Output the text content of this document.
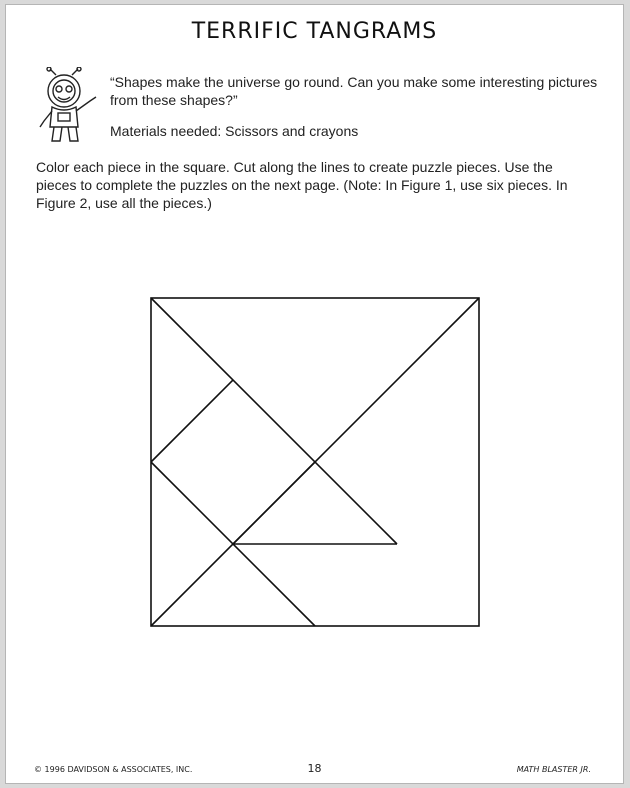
TERRIFIC TANGRAMS
“Shapes make the universe go round. Can you make some interesting pictures from these shapes?”
Materials needed: Scissors and crayons
Color each piece in the square. Cut along the lines to create puzzle pieces. Use the pieces to complete the puzzles on the next page. (Note: In Figure 1, use six pieces. In Figure 2, use all the pieces.)
© 1996 DAVIDSON & ASSOCIATES, INC.	18	MATH BLASTER JR.
